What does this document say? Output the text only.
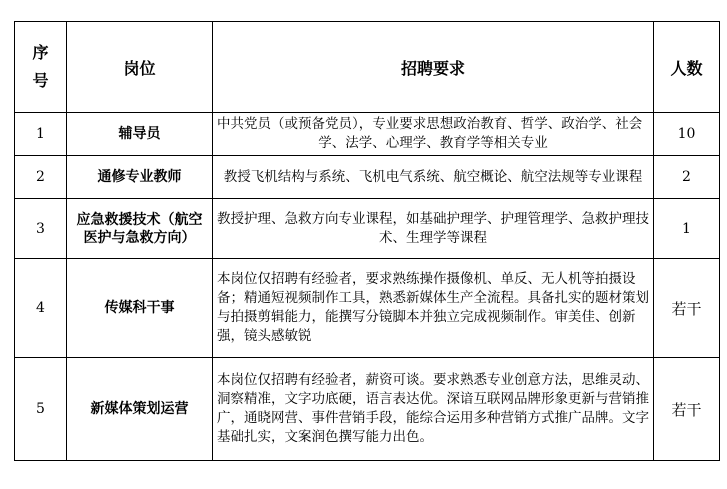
序号	岗位	招聘要求	人数
1	辅导员	中共党员（或预备党员），专业要求思想政治教育、哲学、政治学、社会学、法学、心理学、教育学等相关专业	10
2	通修专业教师	教授飞机结构与系统、飞机电气系统、航空概论、航空法规等专业课程	2
3	应急救援技术（航空医护与急救方向）	教授护理、急救方向专业课程，如基础护理学、护理管理学、急救护理技术、生理学等课程	1
4	传媒科干事	本岗位仅招聘有经验者，要求熟练操作摄像机、单反、无人机等拍摄设备；精通短视频制作工具，熟悉新媒体生产全流程。具备扎实的题材策划与拍摄剪辑能力，能撰写分镜脚本并独立完成视频制作。审美佳、创新强，镜头感敏锐	若干
5	新媒体策划运营	本岗位仅招聘有经验者，薪资可谈。要求熟悉专业创意方法，思维灵动、洞察精准，文字功底硬，语言表达优。深谙互联网品牌形象更新与营销推广，通晓网营、事件营销手段，能综合运用多种营销方式推广品牌。文字基础扎实，文案润色撰写能力出色。	若干
